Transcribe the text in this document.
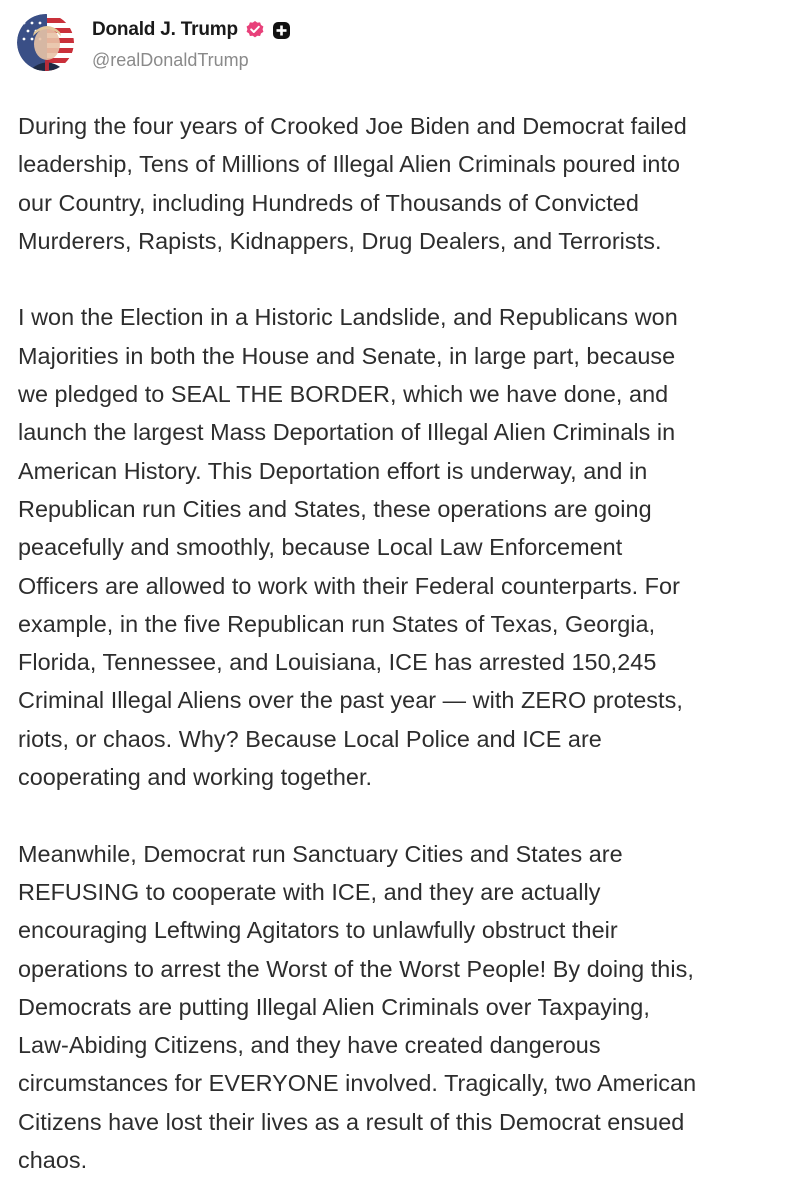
Donald J. Trump
@realDonaldTrump
During the four years of Crooked Joe Biden and Democrat failed
leadership, Tens of Millions of Illegal Alien Criminals poured into
our Country, including Hundreds of Thousands of Convicted
Murderers, Rapists, Kidnappers, Drug Dealers, and Terrorists.
I won the Election in a Historic Landslide, and Republicans won
Majorities in both the House and Senate, in large part, because
we pledged to SEAL THE BORDER, which we have done, and
launch the largest Mass Deportation of Illegal Alien Criminals in
American History. This Deportation effort is underway, and in
Republican run Cities and States, these operations are going
peacefully and smoothly, because Local Law Enforcement
Officers are allowed to work with their Federal counterparts. For
example, in the five Republican run States of Texas, Georgia,
Florida, Tennessee, and Louisiana, ICE has arrested 150,245
Criminal Illegal Aliens over the past year — with ZERO protests,
riots, or chaos. Why? Because Local Police and ICE are
cooperating and working together.
Meanwhile, Democrat run Sanctuary Cities and States are
REFUSING to cooperate with ICE, and they are actually
encouraging Leftwing Agitators to unlawfully obstruct their
operations to arrest the Worst of the Worst People! By doing this,
Democrats are putting Illegal Alien Criminals over Taxpaying,
Law-Abiding Citizens, and they have created dangerous
circumstances for EVERYONE involved. Tragically, two American
Citizens have lost their lives as a result of this Democrat ensued
chaos.
